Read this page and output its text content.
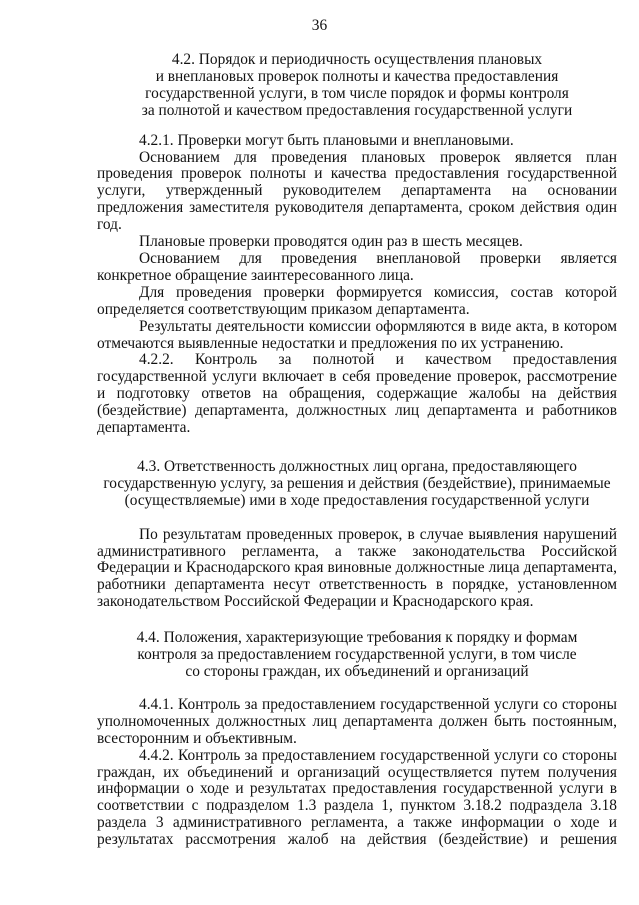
36
4.2. Порядок и периодичность осуществления плановых
и внеплановых проверок полноты и качества предоставления
государственной услуги, в том числе порядок и формы контроля
за полнотой и качеством предоставления государственной услуги
4.2.1. Проверки могут быть плановыми и внеплановыми.
Основанием для проведения плановых проверок является план проведения проверок полноты и качества предоставления государственной услуги, утвержденный руководителем департамента на основании предложения заместителя руководителя департамента, сроком действия один год.
Плановые проверки проводятся один раз в шесть месяцев.
Основанием для проведения внеплановой проверки является конкретное обращение заинтересованного лица.
Для проведения проверки формируется комиссия, состав которой определяется соответствующим приказом департамента.
Результаты деятельности комиссии оформляются в виде акта, в котором отмечаются выявленные недостатки и предложения по их устранению.
4.2.2. Контроль за полнотой и качеством предоставления государственной услуги включает в себя проведение проверок, рассмотрение и подготовку ответов на обращения, содержащие жалобы на действия (бездействие) департамента, должностных лиц департамента и работников департамента.
4.3. Ответственность должностных лиц органа, предоставляющего
государственную услугу, за решения и действия (бездействие), принимаемые
(осуществляемые) ими в ходе предоставления государственной услуги
По результатам проведенных проверок, в случае выявления нарушений административного регламента, а также законодательства Российской Федерации и Краснодарского края виновные должностные лица департамента, работники департамента несут ответственность в порядке, установленном законодательством Российской Федерации и Краснодарского края.
4.4. Положения, характеризующие требования к порядку и формам
контроля за предоставлением государственной услуги, в том числе
со стороны граждан, их объединений и организаций
4.4.1. Контроль за предоставлением государственной услуги со стороны уполномоченных должностных лиц департамента должен быть постоянным, всесторонним и объективным.
4.4.2. Контроль за предоставлением государственной услуги со стороны граждан, их объединений и организаций осуществляется путем получения информации о ходе и результатах предоставления государственной услуги в соответствии с подразделом 1.3 раздела 1, пунктом 3.18.2 подраздела 3.18 раздела 3 административного регламента, а также информации о ходе и результатах рассмотрения жалоб на действия (бездействие) и решения
